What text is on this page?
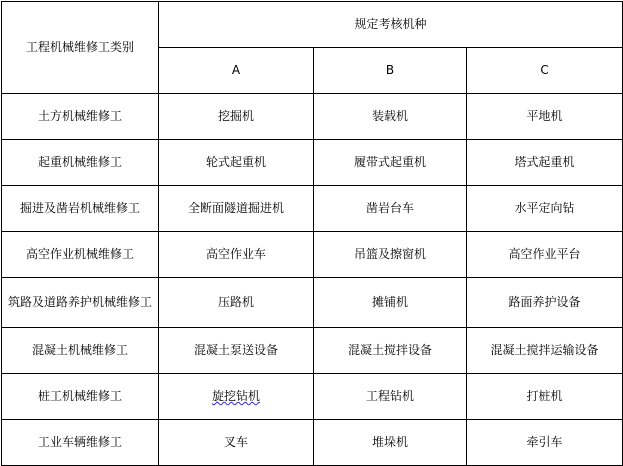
工程机械维修工类别	规定考核机种		
	A	B	C
土方机械维修工	挖掘机	装载机	平地机
起重机械维修工	轮式起重机	履带式起重机	塔式起重机
掘进及凿岩机械维修工	全断面隧道掘进机	凿岩台车	水平定向钻
高空作业机械维修工	高空作业车	吊篮及擦窗机	高空作业平台
筑路及道路养护机械维修工	压路机	摊铺机	路面养护设备
混凝土机械维修工	混凝土泵送设备	混凝土搅拌设备	混凝土搅拌运输设备
桩工机械维修工	旋挖钻机	工程钻机	打桩机
工业车辆维修工	叉车	堆垛机	牵引车
